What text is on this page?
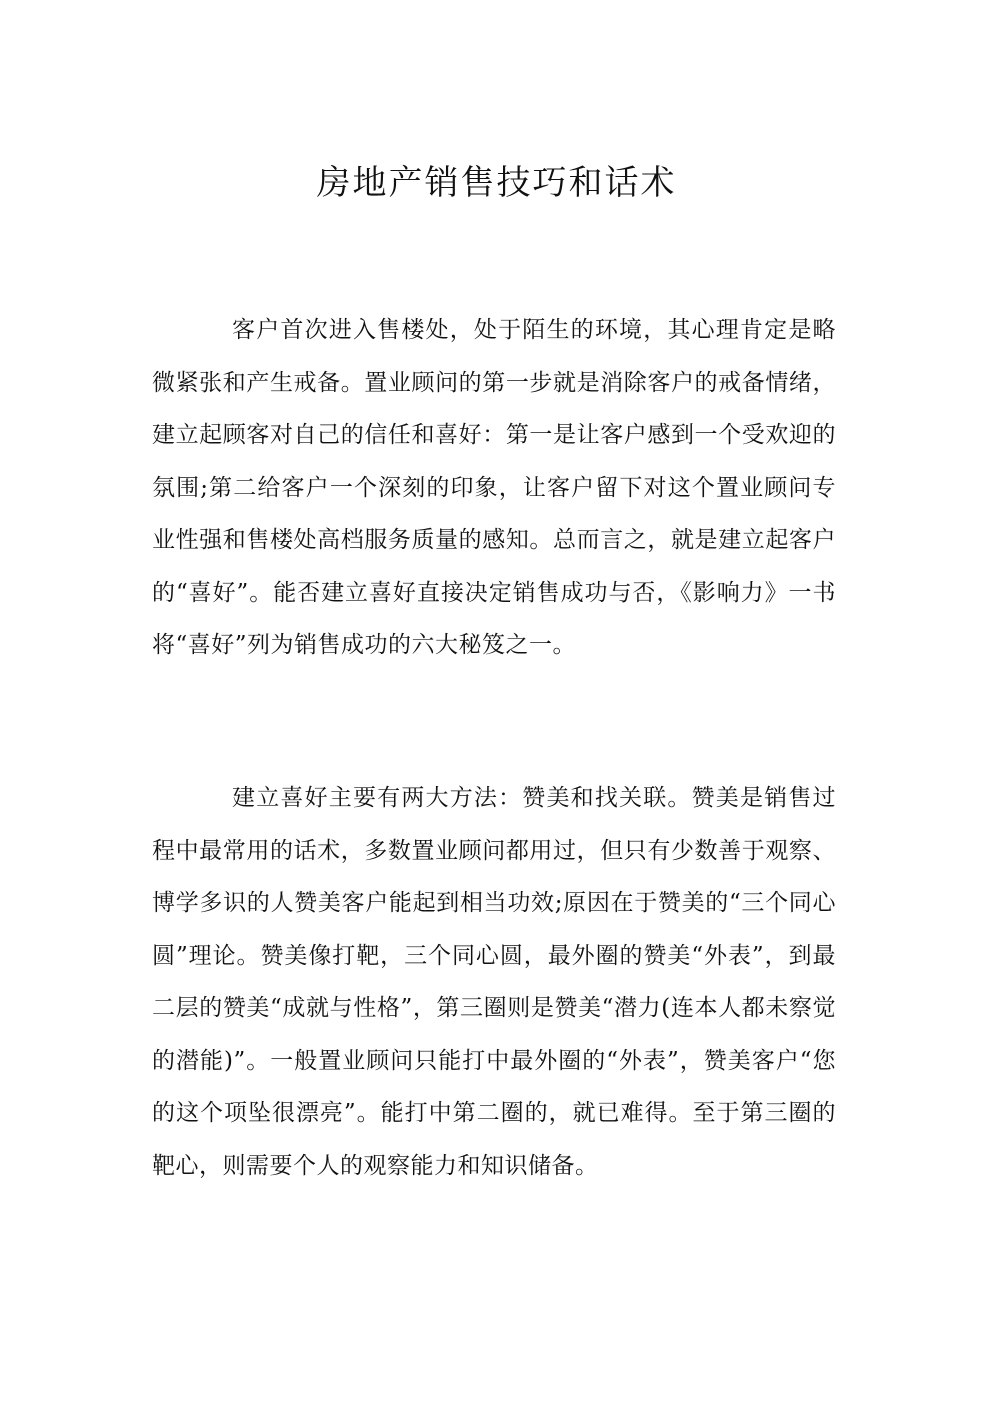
房地产销售技巧和话术

客户首次进入售楼处，处于陌生的环境，其心理肯定是略微紧张和产生戒备。置业顾问的第一步就是消除客户的戒备情绪，建立起顾客对自己的信任和喜好：第一是让客户感到一个受欢迎的氛围;第二给客户一个深刻的印象，让客户留下对这个置业顾问专业性强和售楼处高档服务质量的感知。总而言之，就是建立起客户的“喜好”。能否建立喜好直接决定销售成功与否，《影响力》一书将“喜好”列为销售成功的六大秘笈之一。

建立喜好主要有两大方法：赞美和找关联。赞美是销售过程中最常用的话术，多数置业顾问都用过，但只有少数善于观察、博学多识的人赞美客户能起到相当功效;原因在于赞美的“三个同心圆”理论。赞美像打靶，三个同心圆，最外圈的赞美“外表”，到最二层的赞美“成就与性格”，第三圈则是赞美“潜力(连本人都未察觉的潜能)”。一般置业顾问只能打中最外圈的“外表”，赞美客户“您的这个项坠很漂亮”。能打中第二圈的，就已难得。至于第三圈的靶心，则需要个人的观察能力和知识储备。
